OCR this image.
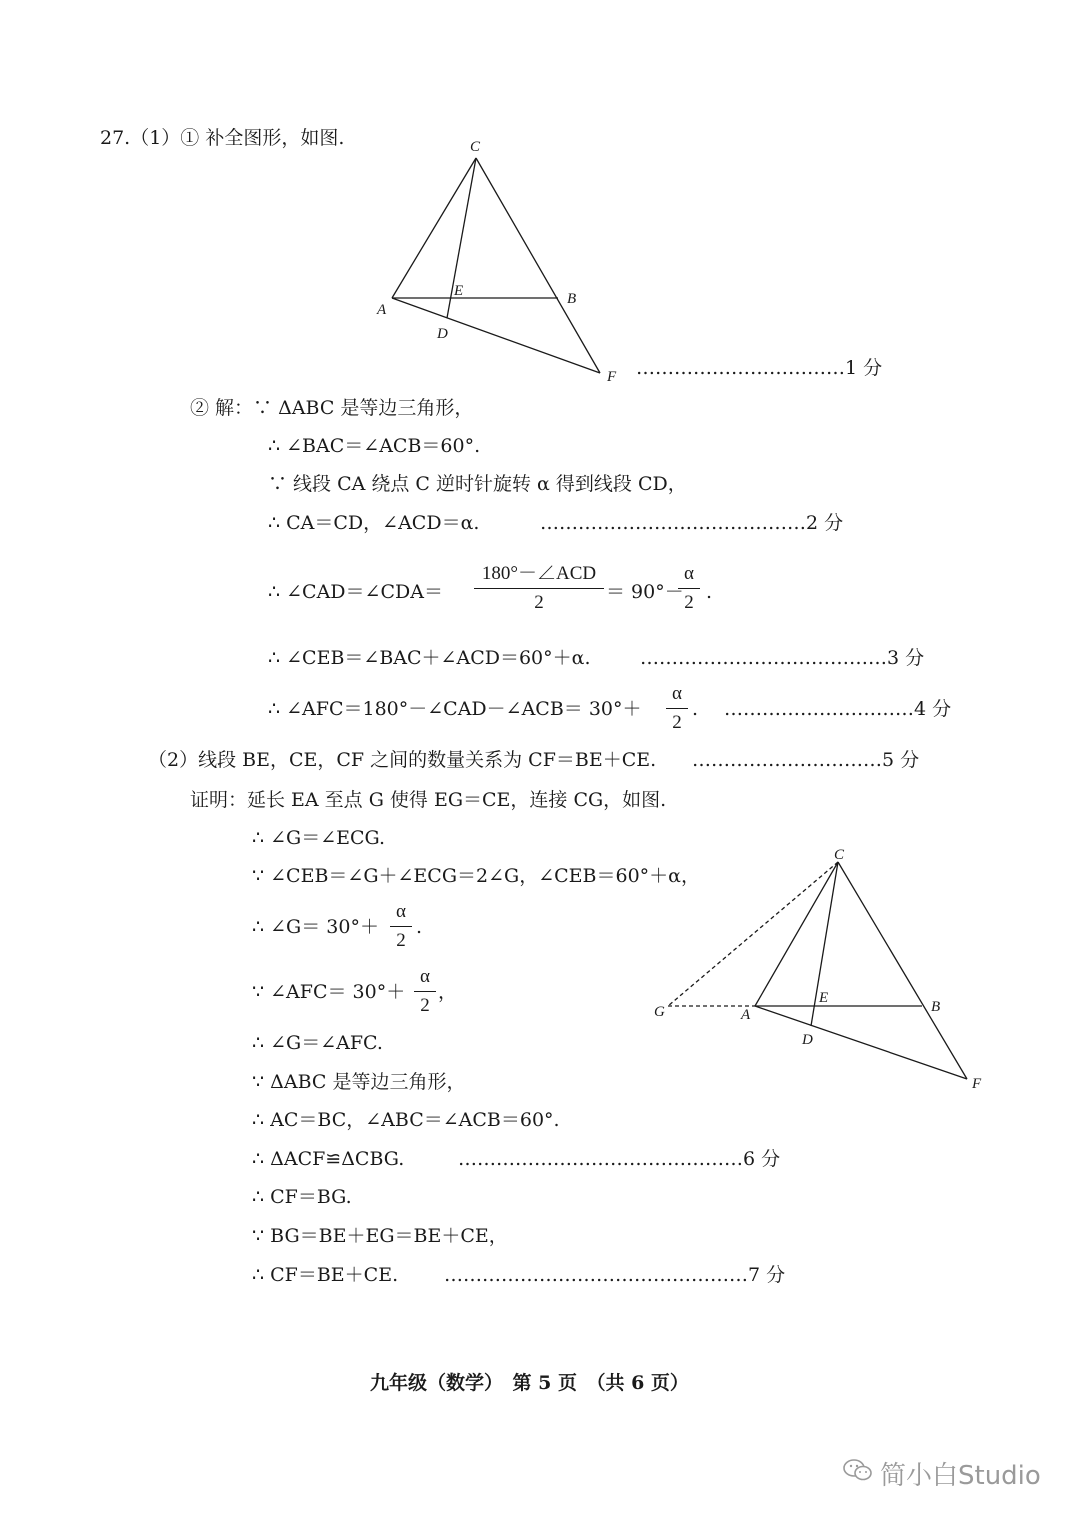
27.（1）① 补全图形，如图.	C
A
E	B
D
F
C
G	A
E
B
D
F
……………………………1 分
② 解：∵ ΔABC 是等边三角形，
∴ ∠BAC＝∠ACB＝60°.
∵ 线段 CA 绕点 C 逆时针旋转 α 得到线段 CD，
∴ CA＝CD，∠ACD＝α.	……………………………………2 分
∴ ∠CAD＝∠CDA＝
180°－∠ACD
2	＝ 90°－
α
2 .
∴ ∠CEB＝∠BAC＋∠ACD＝60°＋α.	…………………………………3 分
∴ ∠AFC＝180°－∠CAD－∠ACB＝ 30°＋
α
2
. …………………………4 分
（2）线段 BE，CE，CF 之间的数量关系为 CF＝BE＋CE. …………………………5 分
证明：延长 EA 至点 G 使得 EG＝CE，连接 CG，如图.
∴ ∠G＝∠ECG.
∵ ∠CEB＝∠G＋∠ECG＝2∠G，∠CEB＝60°＋α，
∴ ∠G＝ 30°＋
α
2
.
∵ ∠AFC＝ 30°＋
α
2
，
∴ ∠G＝∠AFC.
∵ ΔABC 是等边三角形，
∴ AC＝BC，∠ABC＝∠ACB＝60°.
∴ ΔACF≌ΔCBG.	………………………………………6 分
∴ CF＝BG.
∵ BG＝BE＋EG＝BE＋CE，
∴ CF＝BE＋CE. …………………………………………7 分
九年级（数学）　第 5 页　（共 6 页）
简小白Studio
